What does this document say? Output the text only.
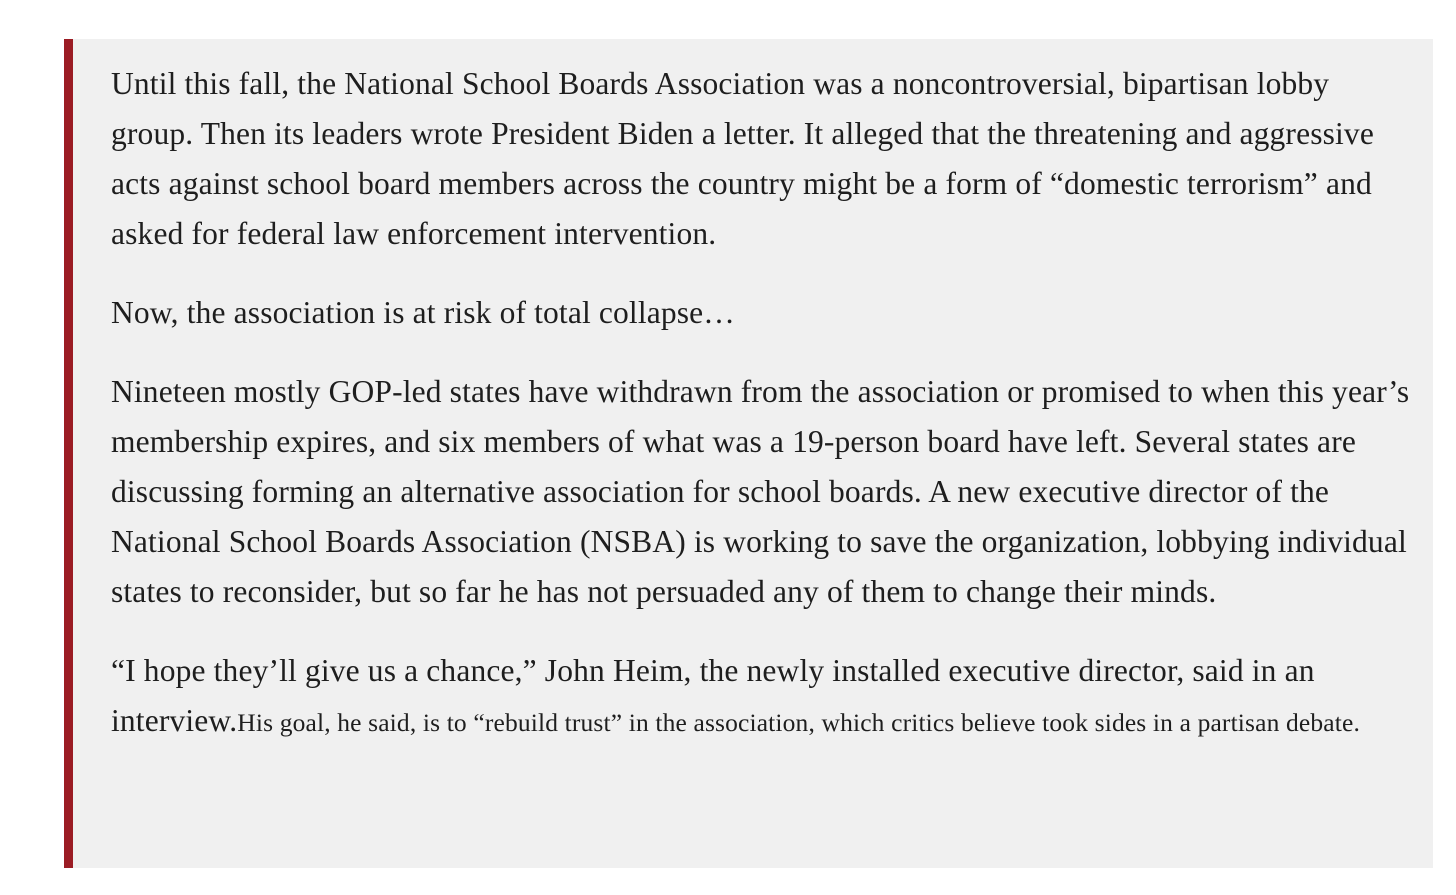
Until this fall, the National School Boards Association was a noncontroversial, bipartisan lobby group. Then its leaders wrote President Biden a letter. It alleged that the threatening and aggressive acts against school board members across the country might be a form of “domestic terrorism” and asked for federal law enforcement intervention.

Now, the association is at risk of total collapse…

Nineteen mostly GOP-led states have withdrawn from the association or promised to when this year’s membership expires, and six members of what was a 19-person board have left. Several states are discussing forming an alternative association for school boards. A new executive director of the National School Boards Association (NSBA) is working to save the organization, lobbying individual states to reconsider, but so far he has not persuaded any of them to change their minds.

“I hope they’ll give us a chance,” John Heim, the newly installed executive director, said in an interview.His goal, he said, is to “rebuild trust” in the association, which critics believe took sides in a partisan debate.
